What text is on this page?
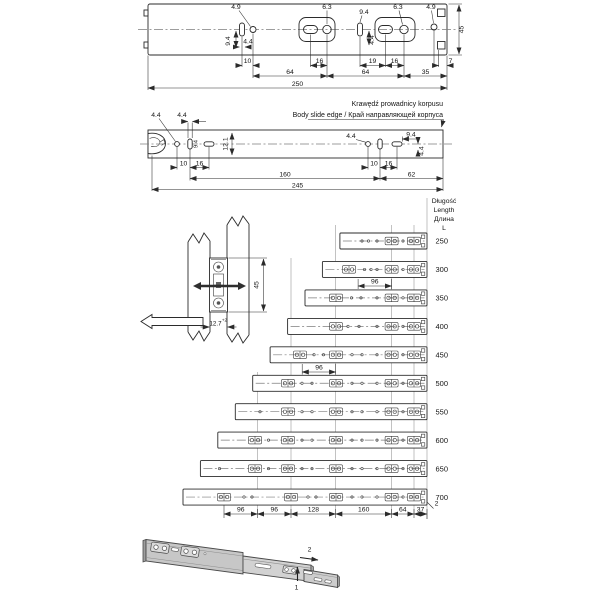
4.9	6.3
9.4
6.3	4.9
9.4 4.4	4.4
10	16	19 16	7
64	64	35
250
45
Krawędź prowadnicy korpusu
Body slide edge / Край направляющей корпуса
4.4 4.4
9.4	12.1
4.4	9.4
4.4
10 16	10 16
160	62
245
45
12.7 +2
Długość
Length
Длина
L
250
300
350
400
450
500
550
600
650
700
96
96
96	96	128	160	64 37
2
2
1
